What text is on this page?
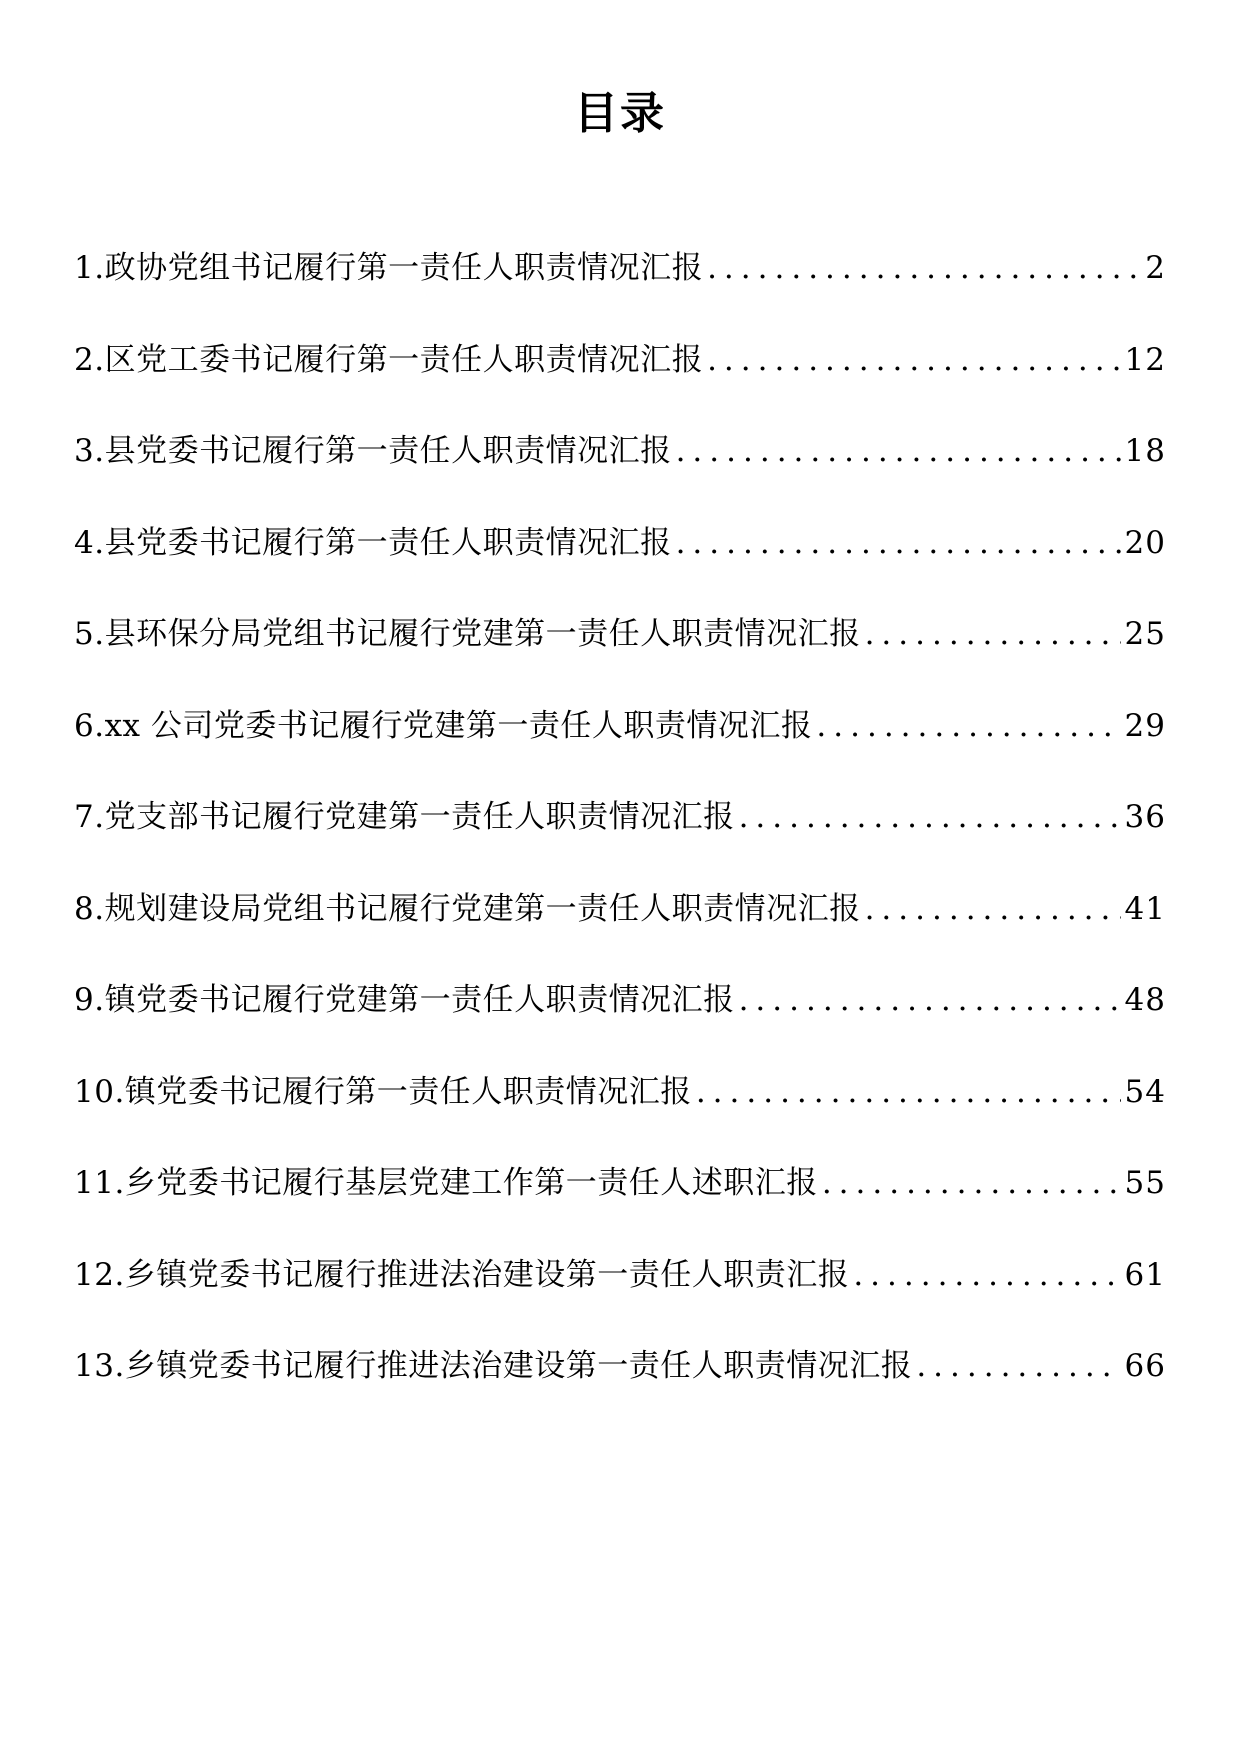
目录
1.政协党组书记履行第一责任人职责情况汇报 .....	2
2.区党工委书记履行第一责任人职责情况汇报 .....	12
3.县党委书记履行第一责任人职责情况汇报 .....	18
4.县党委书记履行第一责任人职责情况汇报 .....	20
5.县环保分局党组书记履行党建第一责任人职责情况汇报 .....	25
6.xx 公司党委书记履行党建第一责任人职责情况汇报 .....	29
7.党支部书记履行党建第一责任人职责情况汇报 .....	36
8.规划建设局党组书记履行党建第一责任人职责情况汇报 .....	41
9.镇党委书记履行党建第一责任人职责情况汇报 .....	48
10.镇党委书记履行第一责任人职责情况汇报 .....	54
11.乡党委书记履行基层党建工作第一责任人述职汇报 .....	55
12.乡镇党委书记履行推进法治建设第一责任人职责汇报 .....	61
13.乡镇党委书记履行推进法治建设第一责任人职责情况汇报 .....	66
